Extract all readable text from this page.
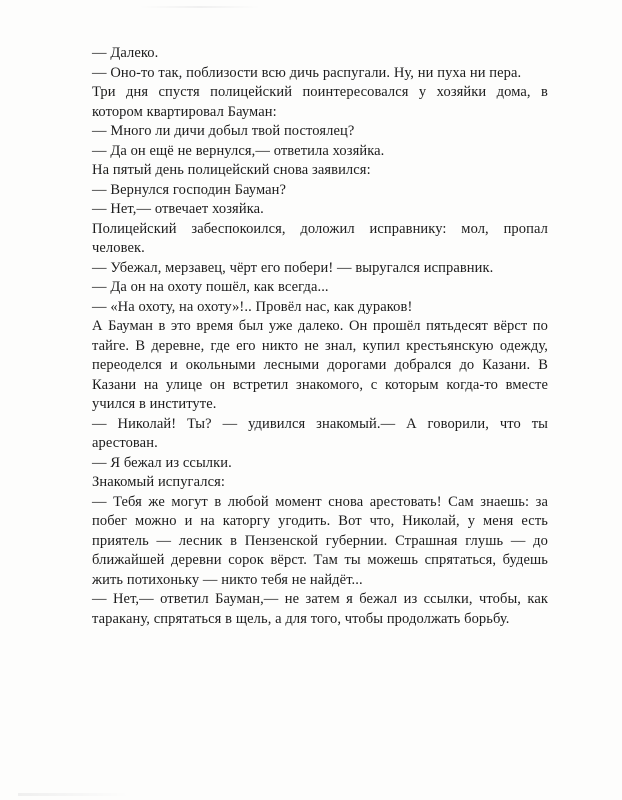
— Далеко.

— Оно-то так, поблизости всю дичь распугали. Ну, ни пуха ни пера.

Три дня спустя полицейский поинтересовался у хозяйки дома, в котором квартировал Бауман:

— Много ли дичи добыл твой постоялец?

— Да он ещё не вернулся,— ответила хозяйка.

На пятый день полицейский снова заявился:

— Вернулся господин Бауман?

— Нет,— отвечает хозяйка.

Полицейский забеспокоился, доложил исправнику: мол, пропал человек.

— Убежал, мерзавец, чёрт его побери! — выругался исправник.

— Да он на охоту пошёл, как всегда...

— «На охоту, на охоту»!.. Провёл нас, как дураков!

А Бауман в это время был уже далеко. Он прошёл пятьдесят вёрст по тайге. В деревне, где его никто не знал, купил крестьянскую одежду, переоделся и окольными лесными дорогами добрался до Казани. В Казани на улице он встретил знакомого, с которым когда-то вместе учился в институте.

— Николай! Ты? — удивился знакомый.— А говорили, что ты арестован.

— Я бежал из ссылки.

Знакомый испугался:

— Тебя же могут в любой момент снова арестовать! Сам знаешь: за побег можно и на каторгу угодить. Вот что, Николай, у меня есть приятель — лесник в Пензенской губернии. Страшная глушь — до ближайшей деревни сорок вёрст. Там ты можешь спрятаться, будешь жить потихоньку — никто тебя не найдёт...

— Нет,— ответил Бауман,— не затем я бежал из ссылки, чтобы, как таракану, спрятаться в щель, а для того, чтобы продолжать борьбу.
